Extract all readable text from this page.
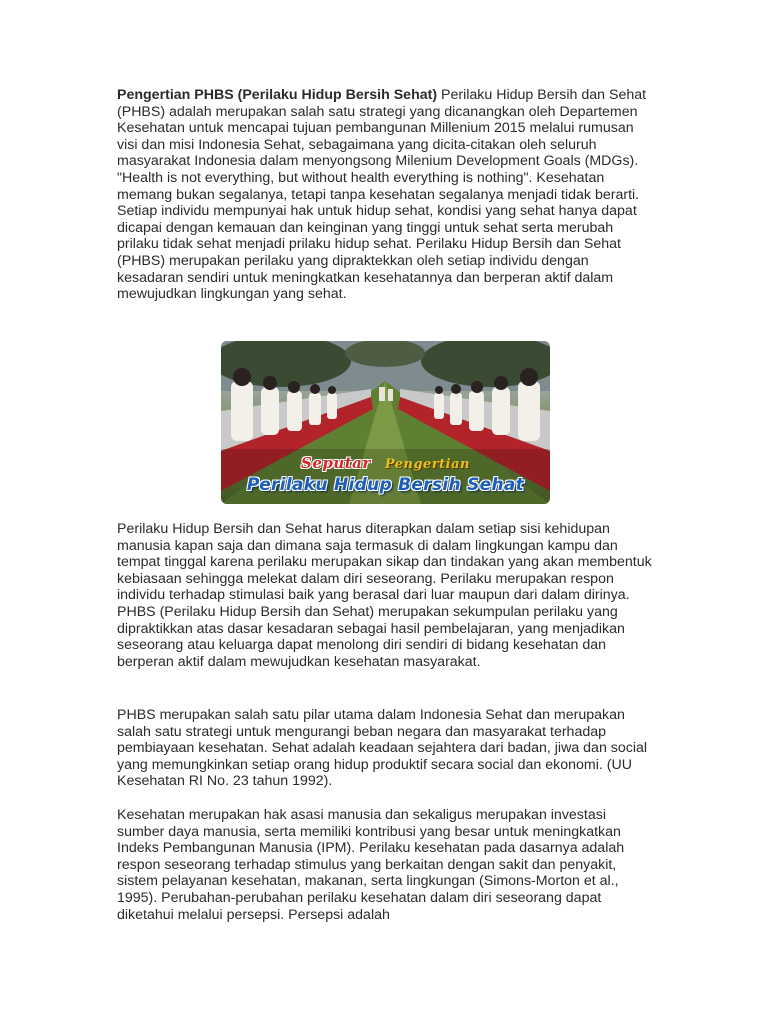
Pengertian PHBS (Perilaku Hidup Bersih Sehat) Perilaku Hidup Bersih dan Sehat (PHBS) adalah merupakan salah satu strategi yang dicanangkan oleh Departemen Kesehatan untuk mencapai tujuan pembangunan Millenium 2015 melalui rumusan visi dan misi Indonesia Sehat, sebagaimana yang dicita-citakan oleh seluruh masyarakat Indonesia dalam menyongsong Milenium Development Goals (MDGs). "Health is not everything, but without health everything is nothing". Kesehatan memang bukan segalanya, tetapi tanpa kesehatan segalanya menjadi tidak berarti. Setiap individu mempunyai hak untuk hidup sehat, kondisi yang sehat hanya dapat dicapai dengan kemauan dan keinginan yang tinggi untuk sehat serta merubah prilaku tidak sehat menjadi prilaku hidup sehat. Perilaku Hidup Bersih dan Sehat (PHBS) merupakan perilaku yang dipraktekkan oleh setiap individu dengan kesadaran sendiri untuk meningkatkan kesehatannya dan berperan aktif dalam mewujudkan lingkungan yang sehat.

Seputar Pengertian
Perilaku Hidup Bersih Sehat

Perilaku Hidup Bersih dan Sehat harus diterapkan dalam setiap sisi kehidupan manusia kapan saja dan dimana saja termasuk di dalam lingkungan kampu dan tempat tinggal karena perilaku merupakan sikap dan tindakan yang akan membentuk kebiasaan sehingga melekat dalam diri seseorang. Perilaku merupakan respon individu terhadap stimulasi baik yang berasal dari luar maupun dari dalam dirinya. PHBS (Perilaku Hidup Bersih dan Sehat) merupakan sekumpulan perilaku yang dipraktikkan atas dasar kesadaran sebagai hasil pembelajaran, yang menjadikan seseorang atau keluarga dapat menolong diri sendiri di bidang kesehatan dan berperan aktif dalam mewujudkan kesehatan masyarakat.

PHBS merupakan salah satu pilar utama dalam Indonesia Sehat dan merupakan salah satu strategi untuk mengurangi beban negara dan masyarakat terhadap pembiayaan kesehatan. Sehat adalah keadaan sejahtera dari badan, jiwa dan social yang memungkinkan setiap orang hidup produktif secara social dan ekonomi. (UU Kesehatan RI No. 23 tahun 1992).

Kesehatan merupakan hak asasi manusia dan sekaligus merupakan investasi sumber daya manusia, serta memiliki kontribusi yang besar untuk meningkatkan Indeks Pembangunan Manusia (IPM). Perilaku kesehatan pada dasarnya adalah respon seseorang terhadap stimulus yang berkaitan dengan sakit dan penyakit, sistem pelayanan kesehatan, makanan, serta lingkungan (Simons-Morton et al., 1995). Perubahan-perubahan perilaku kesehatan dalam diri seseorang dapat diketahui melalui persepsi. Persepsi adalah
